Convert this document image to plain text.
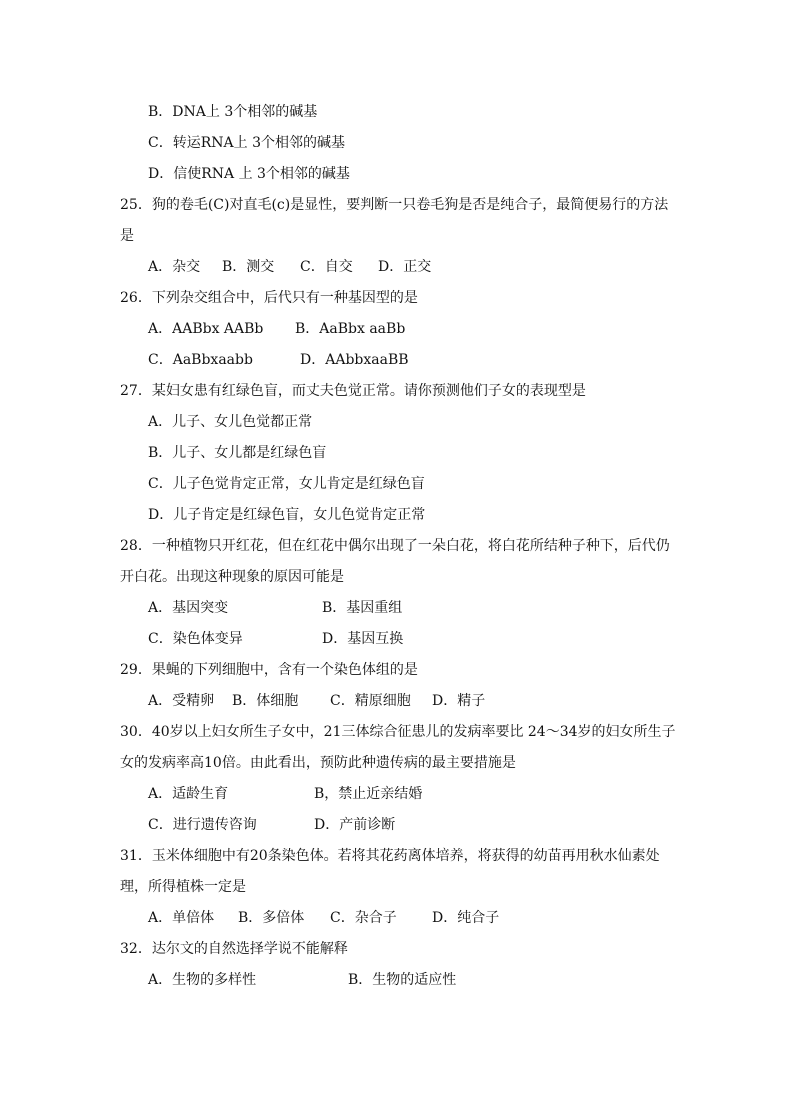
B．DNA上 3个相邻的碱基
C．转运RNA上 3个相邻的碱基
D．信使RNA 上 3个相邻的碱基
25．狗的卷毛(C)对直毛(c)是显性，要判断一只卷毛狗是否是纯合子，最简便易行的方法
是
A．杂交 B．测交 C．自交 D．正交
26．下列杂交组合中，后代只有一种基因型的是
A．AABbx AABb B．AaBbx aaBb
C．AaBbxaabb	D．AAbbxaaBB
27．某妇女患有红绿色盲，而丈夫色觉正常。请你预测他们子女的表现型是
A．儿子、女儿色觉都正常
B．儿子、女儿都是红绿色盲
C．儿子色觉肯定正常，女儿肯定是红绿色盲
D．儿子肯定是红绿色盲，女儿色觉肯定正常
28．一种植物只开红花，但在红花中偶尔出现了一朵白花，将白花所结种子种下，后代仍
开白花。出现这种现象的原因可能是
A．基因突变	B．基因重组
C．染色体变异	D．基因互换
29．果蝇的下列细胞中，含有一个染色体组的是
A．受精卵 B．体细胞 C．精原细胞 D．精子
30．40岁以上妇女所生子女中，21三体综合征患儿的发病率要比 24～34岁的妇女所生子
女的发病率高10倍。由此看出，预防此种遗传病的最主要措施是
A．适龄生育	B，禁止近亲结婚
C．进行遗传咨询	D．产前诊断
31．玉米体细胞中有20条染色体。若将其花药离体培养，将获得的幼苗再用秋水仙素处
理，所得植株一定是
A．单倍体 B．多倍体 C．杂合子	D．纯合子
32．达尔文的自然选择学说不能解释
A．生物的多样性	B．生物的适应性
